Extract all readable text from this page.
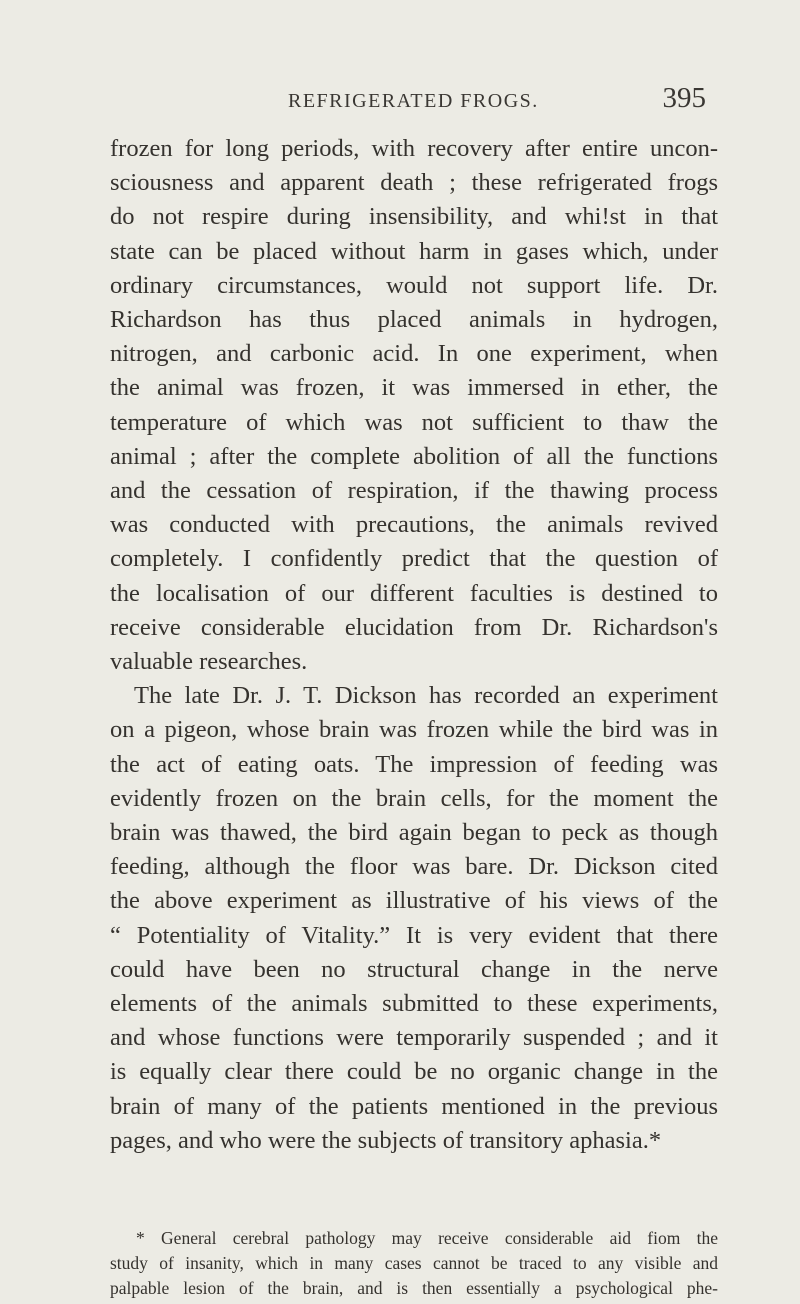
REFRIGERATED FROGS.	395
frozen for long periods, with recovery after entire uncon-
sciousness and apparent death ; these refrigerated frogs
do not respire during insensibility, and whi!st in that
state can be placed without harm in gases which, under
ordinary circumstances, would not support life. Dr.
Richardson has thus placed animals in hydrogen,
nitrogen, and carbonic acid. In one experiment, when
the animal was frozen, it was immersed in ether, the
temperature of which was not sufficient to thaw the
animal ; after the complete abolition of all the functions
and the cessation of respiration, if the thawing process
was conducted with precautions, the animals revived
completely. I confidently predict that the question of
the localisation of our different faculties is destined to
receive considerable elucidation from Dr. Richardson's
valuable researches.
The late Dr. J. T. Dickson has recorded an experiment
on a pigeon, whose brain was frozen while the bird was in
the act of eating oats. The impression of feeding was
evidently frozen on the brain cells, for the moment the
brain was thawed, the bird again began to peck as though
feeding, although the floor was bare. Dr. Dickson cited
the above experiment as illustrative of his views of the
“ Potentiality of Vitality.” It is very evident that there
could have been no structural change in the nerve
elements of the animals submitted to these experiments,
and whose functions were temporarily suspended ; and it
is equally clear there could be no organic change in the
brain of many of the patients mentioned in the previous
pages, and who were the subjects of transitory aphasia.*
* General cerebral pathology may receive considerable aid fiom the
study of insanity, which in many cases cannot be traced to any visible and
palpable lesion of the brain, and is then essentially a psychological phe-
